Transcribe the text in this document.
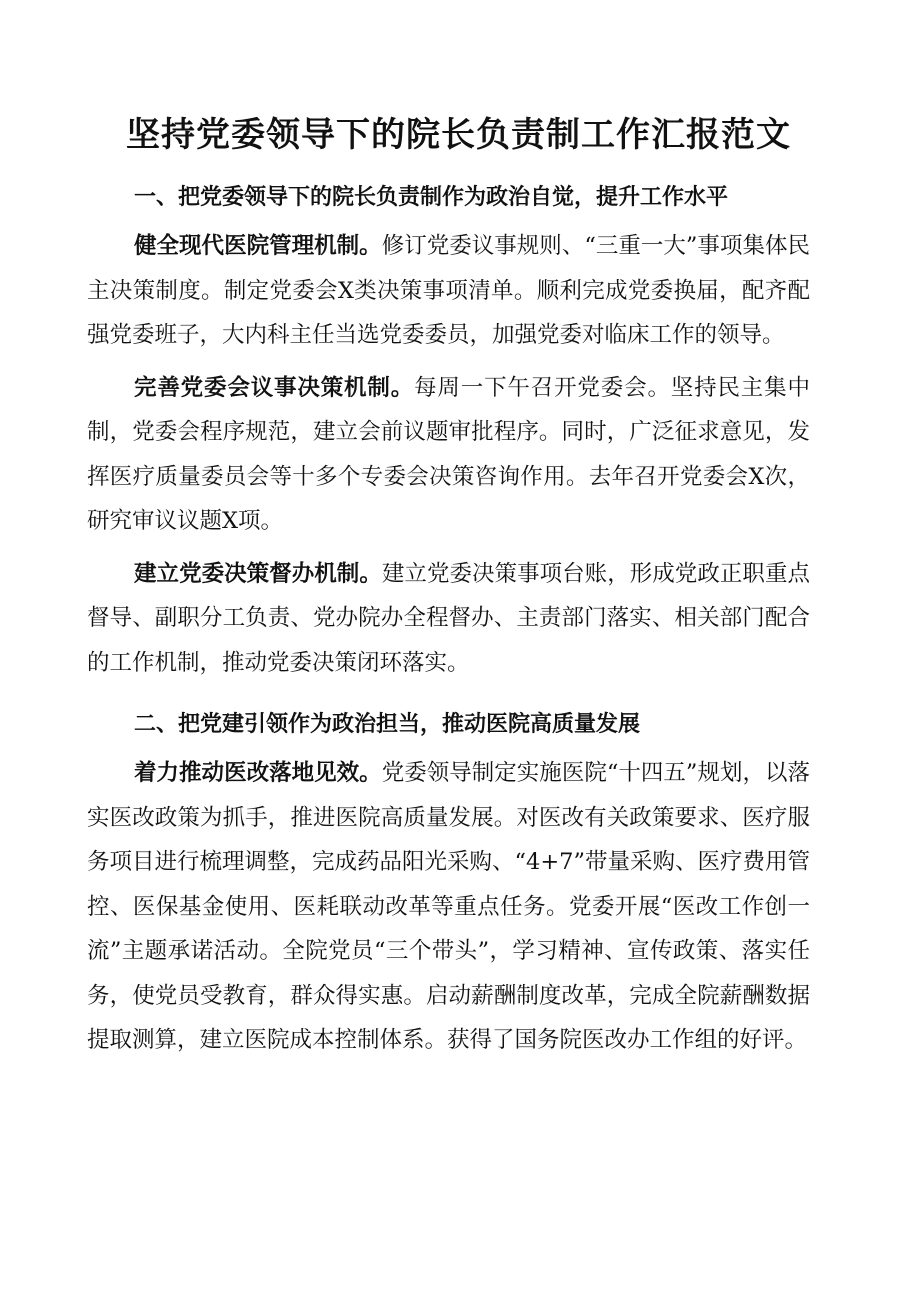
坚持党委领导下的院长负责制工作汇报范文
一、把党委领导下的院长负责制作为政治自觉，提升工作水平

健全现代医院管理机制。修订党委议事规则、“三重一大”事项集体民主决策制度。制定党委会X类决策事项清单。顺利完成党委换届，配齐配强党委班子，大内科主任当选党委委员，加强党委对临床工作的领导。

完善党委会议事决策机制。每周一下午召开党委会。坚持民主集中制，党委会程序规范，建立会前议题审批程序。同时，广泛征求意见，发挥医疗质量委员会等十多个专委会决策咨询作用。去年召开党委会X次，研究审议议题X项。

建立党委决策督办机制。建立党委决策事项台账，形成党政正职重点督导、副职分工负责、党办院办全程督办、主责部门落实、相关部门配合的工作机制，推动党委决策闭环落实。

二、把党建引领作为政治担当，推动医院高质量发展

着力推动医改落地见效。党委领导制定实施医院“十四五”规划，以落实医改政策为抓手，推进医院高质量发展。对医改有关政策要求、医疗服务项目进行梳理调整，完成药品阳光采购、“4+7”带量采购、医疗费用管控、医保基金使用、医耗联动改革等重点任务。党委开展“医改工作创一流”主题承诺活动。全院党员“三个带头”，学习精神、宣传政策、落实任务，使党员受教育，群众得实惠。启动薪酬制度改革，完成全院薪酬数据提取测算，建立医院成本控制体系。获得了国务院医改办工作组的好评。
